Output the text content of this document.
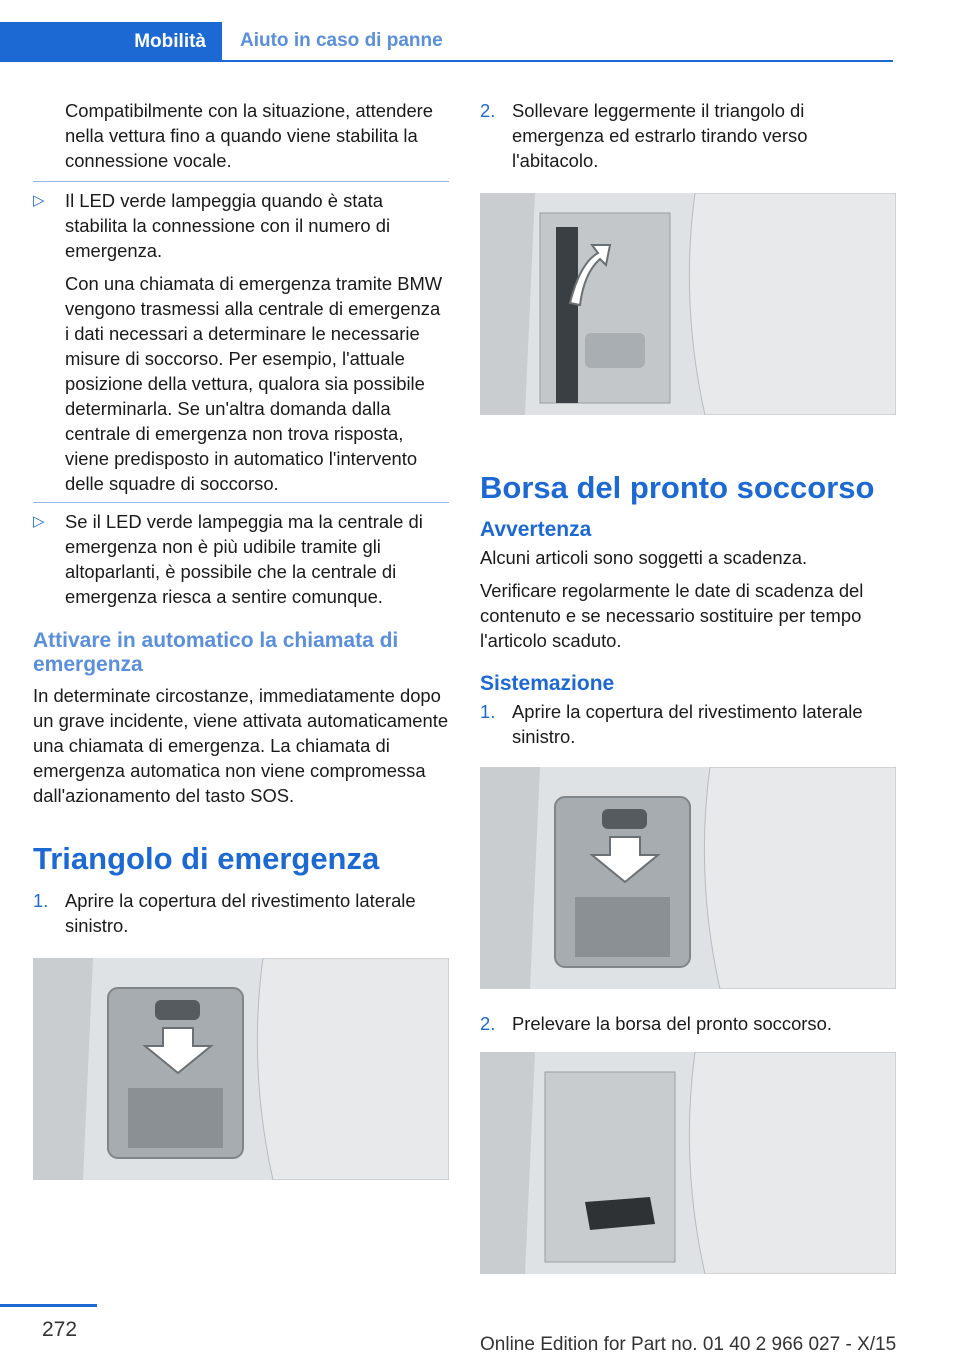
Mobilità	Aiuto in caso di panne
Compatibilmente con la situazione, attendere nella vettura fino a quando viene stabilita la connessione vocale.
▷ Il LED verde lampeggia quando è stata stabilita la connessione con il numero di emergenza.
Con una chiamata di emergenza tramite BMW vengono trasmessi alla centrale di emergenza i dati necessari a determinare le necessarie misure di soccorso. Per esempio, l'attuale posizione della vettura, qualora sia possibile determinarla. Se un'altra domanda dalla centrale di emergenza non trova risposta, viene predisposto in automatico l'intervento delle squadre di soccorso.
▷ Se il LED verde lampeggia ma la centrale di emergenza non è più udibile tramite gli altoparlanti, è possibile che la centrale di emergenza riesca a sentire comunque.
Attivare in automatico la chiamata di emergenza
In determinate circostanze, immediatamente dopo un grave incidente, viene attivata automaticamente una chiamata di emergenza. La chiamata di emergenza automatica non viene compromessa dall'azionamento del tasto SOS.
Triangolo di emergenza
1. Aprire la copertura del rivestimento laterale sinistro.
2. Sollevare leggermente il triangolo di emergenza ed estrarlo tirando verso l'abitacolo.
Borsa del pronto soccorso
Avvertenza
Alcuni articoli sono soggetti a scadenza.
Verificare regolarmente le date di scadenza del contenuto e se necessario sostituire per tempo l'articolo scaduto.
Sistemazione
1. Aprire la copertura del rivestimento laterale sinistro.
2. Prelevare la borsa del pronto soccorso.
272
Online Edition for Part no. 01 40 2 966 027 - X/15
